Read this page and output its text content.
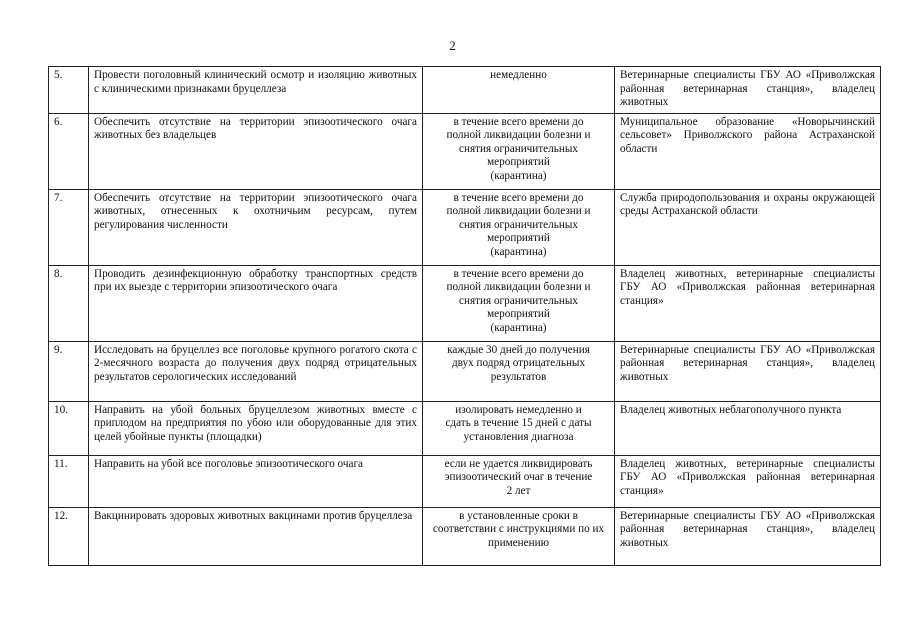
2
5.	Провести поголовный клинический осмотр и изоляцию животных с клиническими признаками бруцеллеза	немедленно	Ветеринарные специалисты ГБУ АО «Приволжская районная ветеринарная станция», владелец животных
6.	Обеспечить отсутствие на территории эпизоотического очага животных без владельцев	в течение всего времени до
полной ликвидации болезни и
снятия ограничительных мероприятий
(карантина)	Муниципальное образование «Новорычинский сельсовет» Приволжского района Астраханской области
7.	Обеспечить отсутствие на территории эпизоотического очага животных, отнесенных к охотничьим ресурсам, путем регулирования численности	в течение всего времени до
полной ликвидации болезни и
снятия ограничительных мероприятий
(карантина)	Служба природопользования и охраны окружающей среды Астраханской области
8.	Проводить дезинфекционную обработку транспортных средств при их выезде с территории эпизоотического очага	в течение всего времени до
полной ликвидации болезни и
снятия ограничительных мероприятий
(карантина)	Владелец животных, ветеринарные специалисты ГБУ АО «Приволжская районная ветеринарная станция»
9.	Исследовать на бруцеллез все поголовье крупного рогатого скота с 2-месячного возраста до получения двух подряд отрицательных результатов серологических исследований	каждые 30 дней до получения
двух подряд отрицательных результатов	Ветеринарные специалисты ГБУ АО «Приволжская районная ветеринарная станция», владелец животных
10.	Направить на убой больных бруцеллезом животных вместе с приплодом на предприятия по убою или оборудованные для этих целей убойные пункты (площадки)	изолировать немедленно и
сдать в течение 15 дней с даты
установления диагноза	Владелец животных неблагополучного пункта
11.	Направить на убой все поголовье эпизоотического очага	если не удается ликвидировать
эпизоотический очаг в течение
2 лет	Владелец животных, ветеринарные специалисты ГБУ АО «Приволжская районная ветеринарная станция»
12.	Вакцинировать здоровых животных вакцинами против бруцеллеза	в установленные сроки в соответствии с инструкциями по их
применению	Ветеринарные специалисты ГБУ АО «Приволжская районная ветеринарная станция», владелец животных
